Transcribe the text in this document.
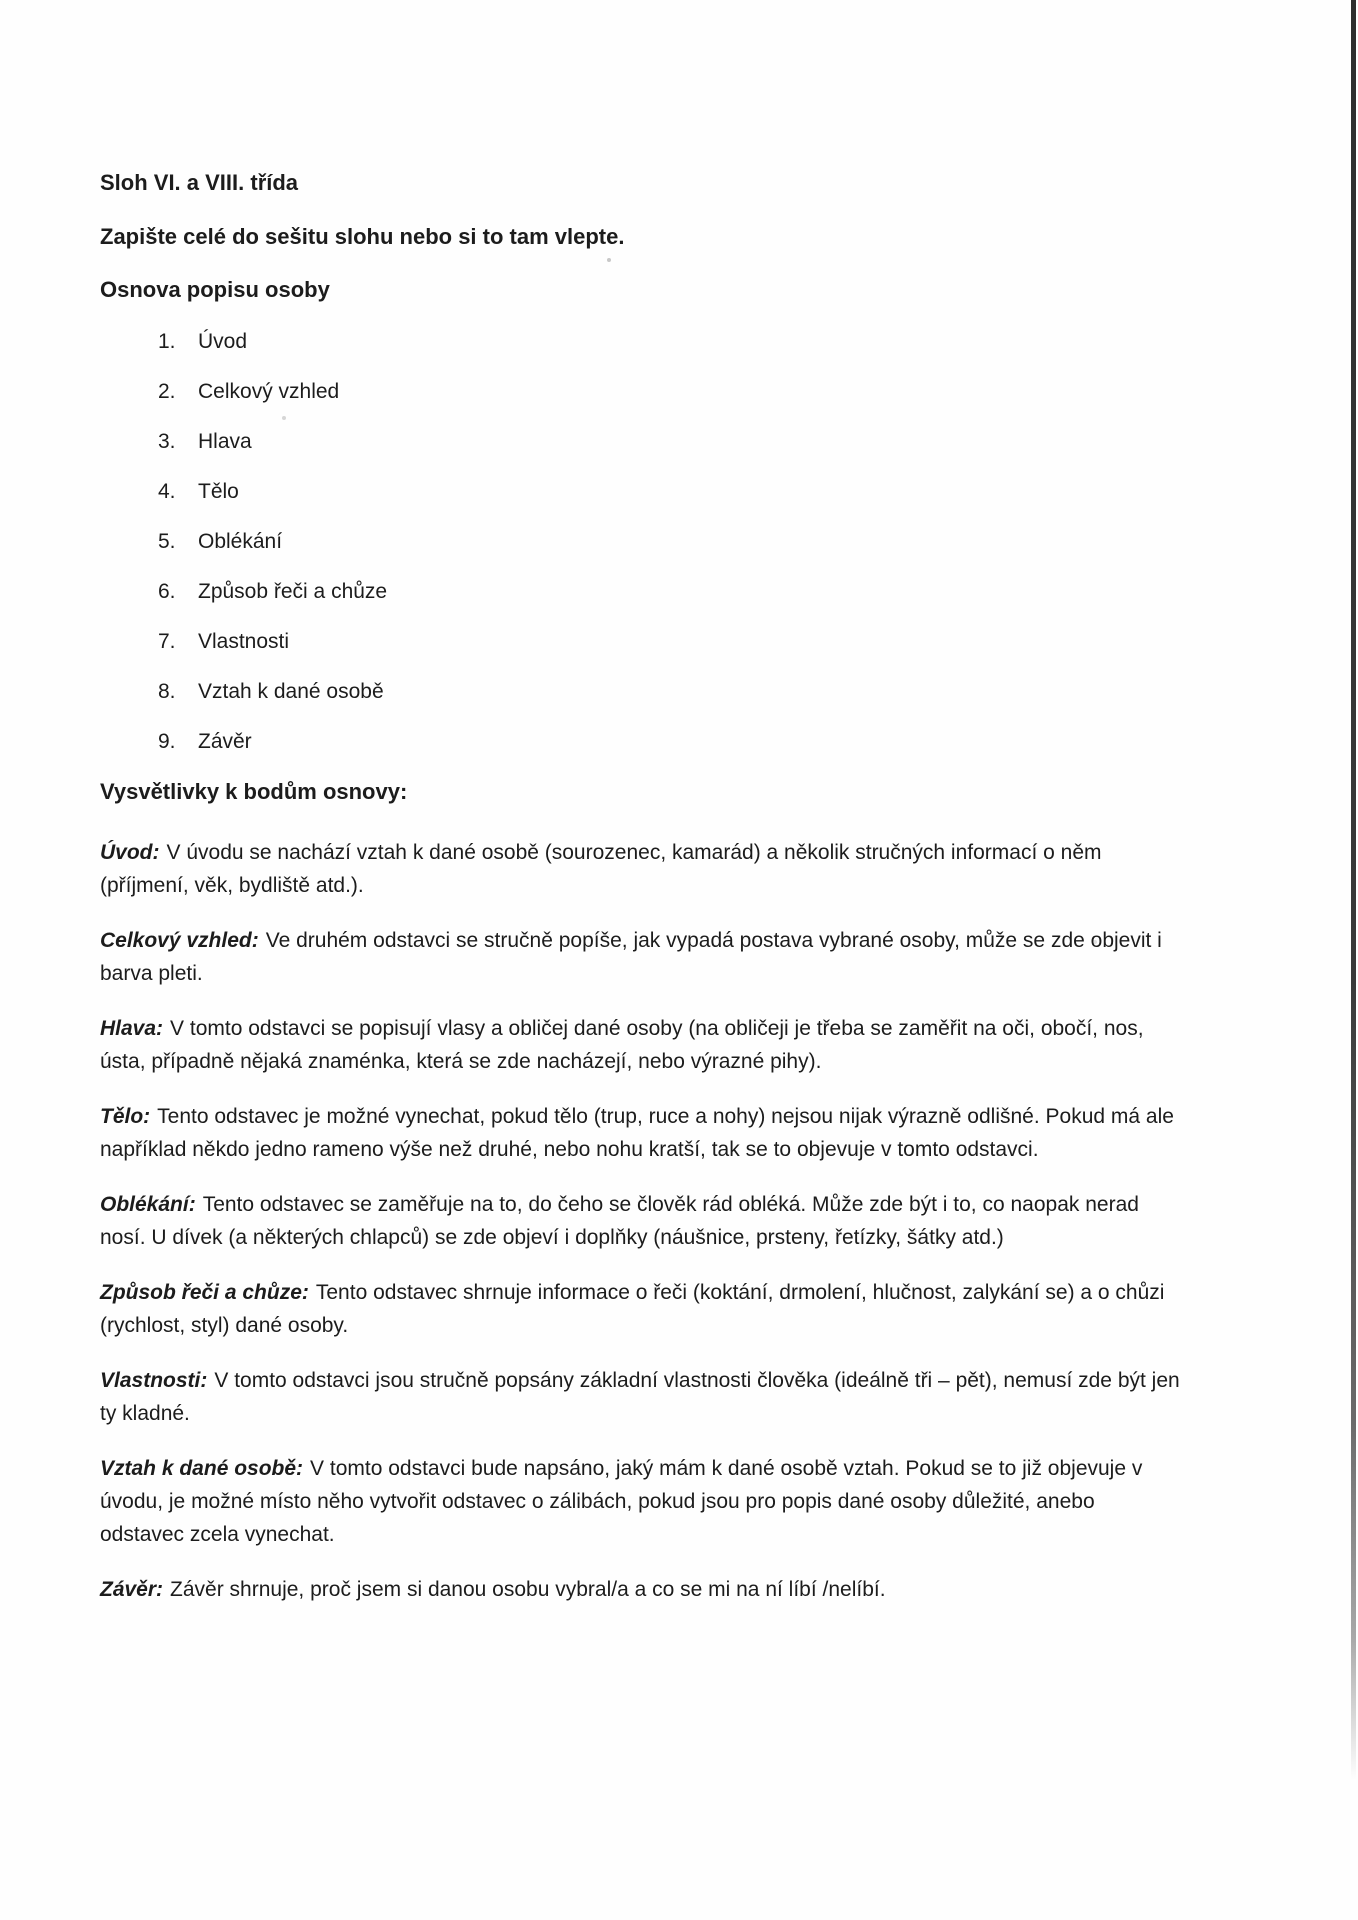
Sloh VI. a VIII. třída

Zapište celé do sešitu slohu nebo si to tam vlepte.

Osnova popisu osoby

1. Úvod
2. Celkový vzhled
3. Hlava
4. Tělo
5. Oblékání
6. Způsob řeči a chůze
7. Vlastnosti
8. Vztah k dané osobě
9. Závěr

Vysvětlivky k bodům osnovy:

Úvod: V úvodu se nachází vztah k dané osobě (sourozenec, kamarád) a několik stručných informací o něm (příjmení, věk, bydliště atd.).

Celkový vzhled: Ve druhém odstavci se stručně popíše, jak vypadá postava vybrané osoby, může se zde objevit i barva pleti.

Hlava: V tomto odstavci se popisují vlasy a obličej dané osoby (na obličeji je třeba se zaměřit na oči, obočí, nos, ústa, případně nějaká znaménka, která se zde nacházejí, nebo výrazné pihy).

Tělo: Tento odstavec je možné vynechat, pokud tělo (trup, ruce a nohy) nejsou nijak výrazně odlišné. Pokud má ale například někdo jedno rameno výše než druhé, nebo nohu kratší, tak se to objevuje v tomto odstavci.

Oblékání: Tento odstavec se zaměřuje na to, do čeho se člověk rád obléká. Může zde být i to, co naopak nerad nosí. U dívek (a některých chlapců) se zde objeví i doplňky (náušnice, prsteny, řetízky, šátky atd.)

Způsob řeči a chůze: Tento odstavec shrnuje informace o řeči (koktání, drmolení, hlučnost, zalykání se) a o chůzi (rychlost, styl) dané osoby.

Vlastnosti: V tomto odstavci jsou stručně popsány základní vlastnosti člověka (ideálně tři – pět), nemusí zde být jen ty kladné.

Vztah k dané osobě: V tomto odstavci bude napsáno, jaký mám k dané osobě vztah. Pokud se to již objevuje v úvodu, je možné místo něho vytvořit odstavec o zálibách, pokud jsou pro popis dané osoby důležité, anebo odstavec zcela vynechat.

Závěr: Závěr shrnuje, proč jsem si danou osobu vybral/a a co se mi na ní líbí /nelíbí.
